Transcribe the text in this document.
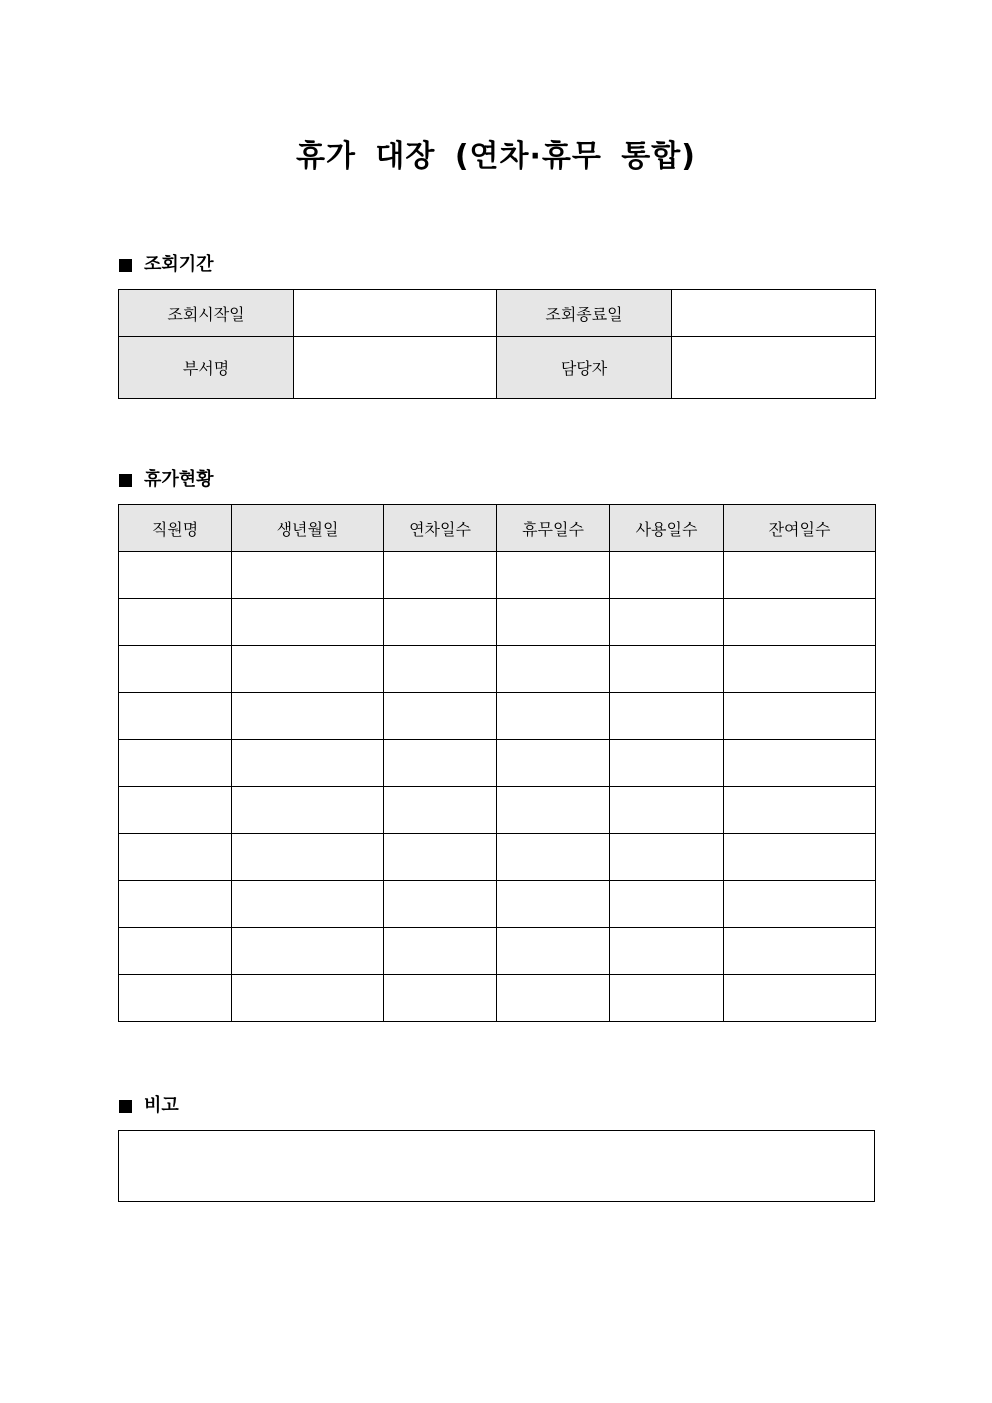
휴가 대장 (연차·휴무 통합)
조회기간
조회시작일		조회종료일	
부서명		담당자	
휴가현황
직원명	생년월일	연차일수	휴무일수	사용일수	잔여일수

비고
